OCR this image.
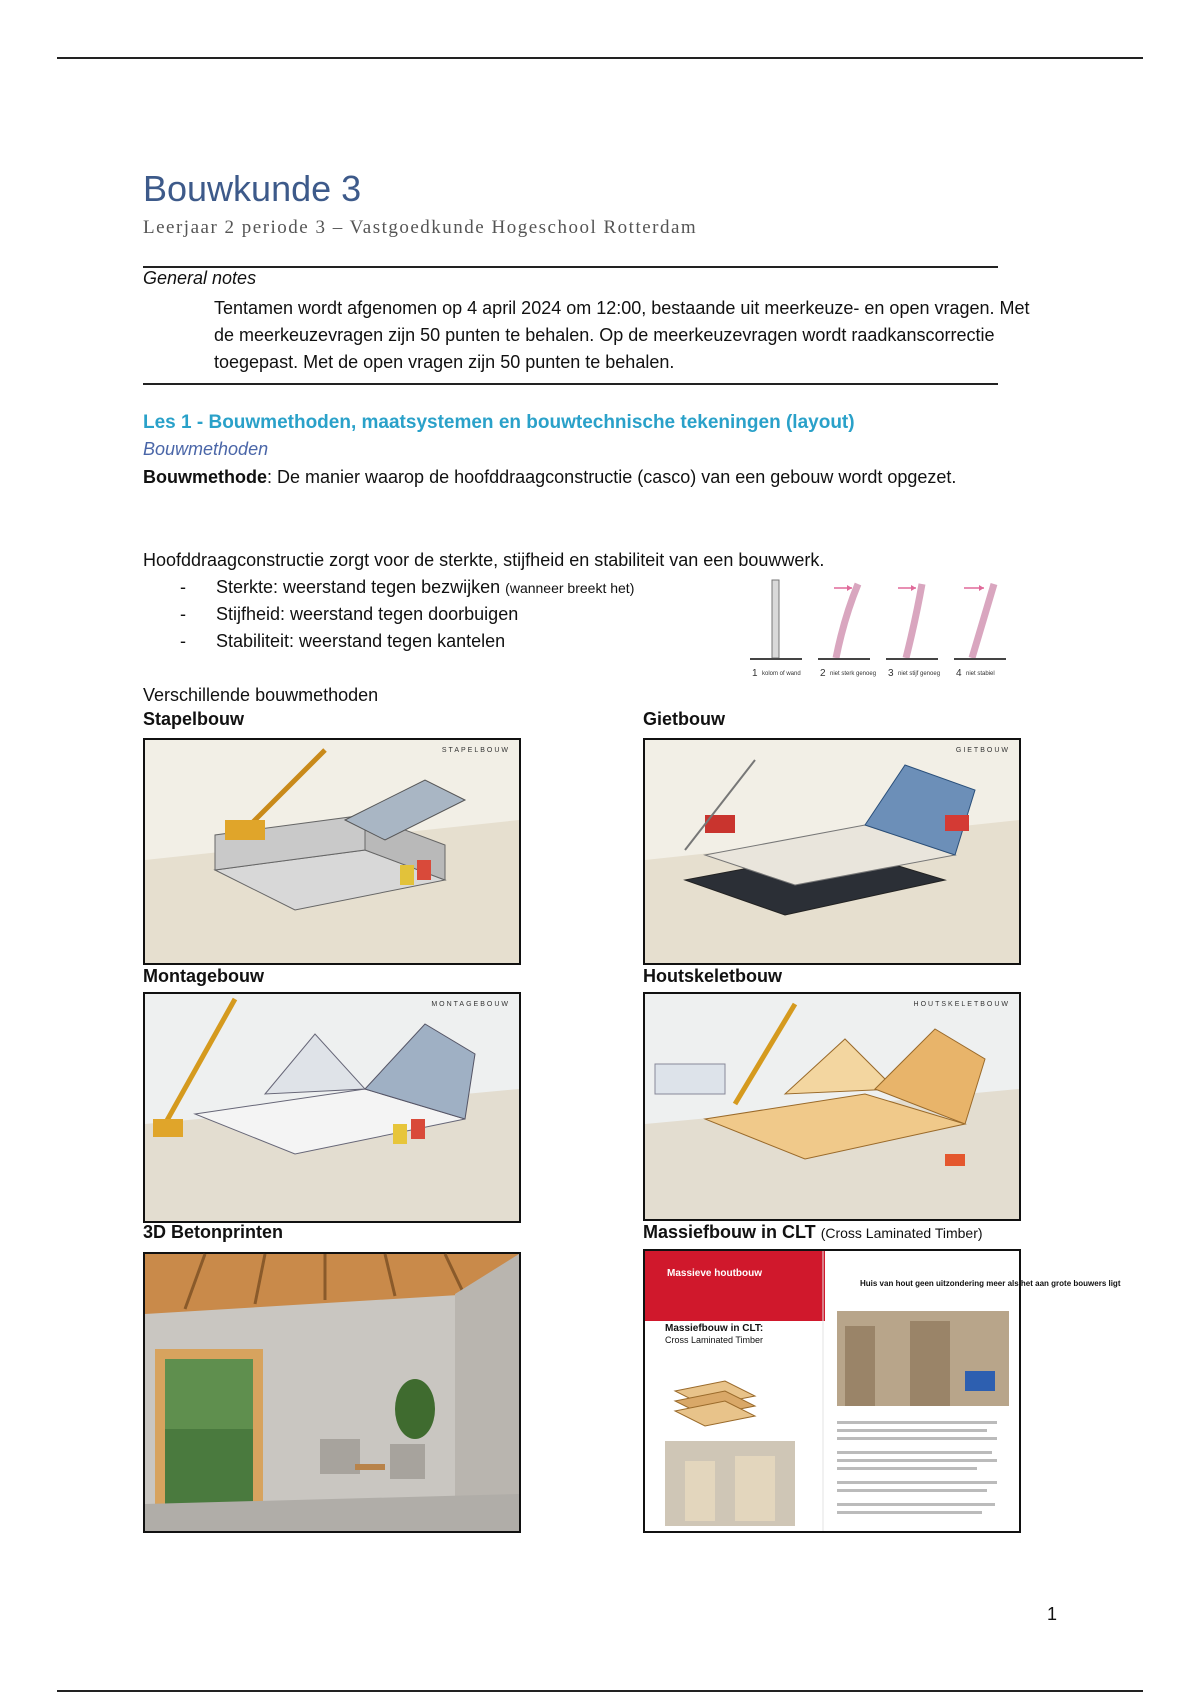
Bouwkunde 3
Leerjaar 2 periode 3 – Vastgoedkunde Hogeschool Rotterdam
General notes
Tentamen wordt afgenomen op 4 april 2024 om 12:00, bestaande uit meerkeuze- en open vragen. Met de meerkeuzevragen zijn 50 punten te behalen. Op de meerkeuzevragen wordt raadkanscorrectie toegepast. Met de open vragen zijn 50 punten te behalen.
Les 1 - Bouwmethoden, maatsystemen en bouwtechnische tekeningen (layout)
Bouwmethoden
Bouwmethode: De manier waarop de hoofddraagconstructie (casco) van een gebouw wordt opgezet.
Hoofddraagconstructie zorgt voor de sterkte, stijfheid en stabiliteit van een bouwwerk.
- Sterkte: weerstand tegen bezwijken (wanneer breekt het)
- Stijfheid: weerstand tegen doorbuigen
- Stabiliteit: weerstand tegen kantelen
1 kolom of wand 2 niet sterk genoeg 3 niet stijf genoeg 4 niet stabiel
Verschillende bouwmethoden
Stapelbouw	Gietbouw
STAPELBOUW	GIETBOUW
Montagebouw	Houtskeletbouw
MONTAGEBOUW	HOUTSKELETBOUW
3D Betonprinten	Massiefbouw in CLT (Cross Laminated Timber)
Massieve houtbouw
Massiefbouw in CLT:
Cross Laminated Timber
Huis van hout geen uitzondering meer als het aan grote bouwers ligt
1
